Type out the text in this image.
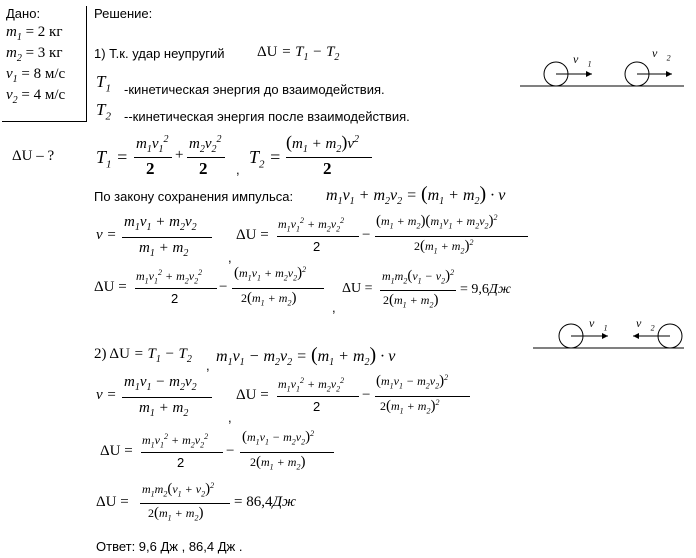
Дано:
$m_1 = 2$ кг
$m_2 = 3$ кг
$v_1 = 8$ м/с
$v_2 = 4$ м/с
ΔU – ?
Решение:
1) Т.к. удар неупругий $\Delta U = T_1 - T_2$
$T_1$ -кинетическая энергия до взаимодействия.
$T_2$ --кинетическая энергия после взаимодействия.
$T_1$ =
$m_1v_1^2$
2
+
$m_2v_2^2$
2 ,
$T_2$ =
$(m_1 + m_2)v^2$
2
По закону сохранения импульса: $m_1v_1 + m_2v_2 = (m_1 + m_2) \cdot v$
v =
$m_1v_1 + m_2v_2$
$m_1 + m_2$	,
ΔU =
$m_1v_1^2 + m_2v_2^2$
2
−
$(m_1 + m_2)(m_1v_1 + m_2v_2)^2$
$2(m_1 + m_2)^2$
ΔU =
$m_1v_1^2 + m_2v_2^2$
2
−
$(m_1v_1 + m_2v_2)^2$
$2(m_1 + m_2)$
,
ΔU =
$m_1m_2(v_1 - v_2)^2$
$2(m_1 + m_2)$
= 9,6Дж
$v⃗_1$
$v⃗_2$
$v⃗_1$ $v⃗_2$
2) $\Delta U = T_1 - T_2$ ,
$m_1v_1 - m_2v_2 = (m_1 + m_2) \cdot v$
v =
$m_1v_1 - m_2v_2$
$m_1 + m_2$	,
ΔU =
$m_1v_1^2 + m_2v_2^2$
2
−
$(m_1v_1 - m_2v_2)^2$
$2(m_1 + m_2)^2$
ΔU =
$m_1v_1^2 + m_2v_2^2$
2
−
$(m_1v_1 - m_2v_2)^2$
$2(m_1 + m_2)$
ΔU =
$m_1m_2(v_1 + v_2)^2$
$2(m_1 + m_2)$
= 86,4Дж
Ответ: 9,6 Дж , 86,4 Дж .
